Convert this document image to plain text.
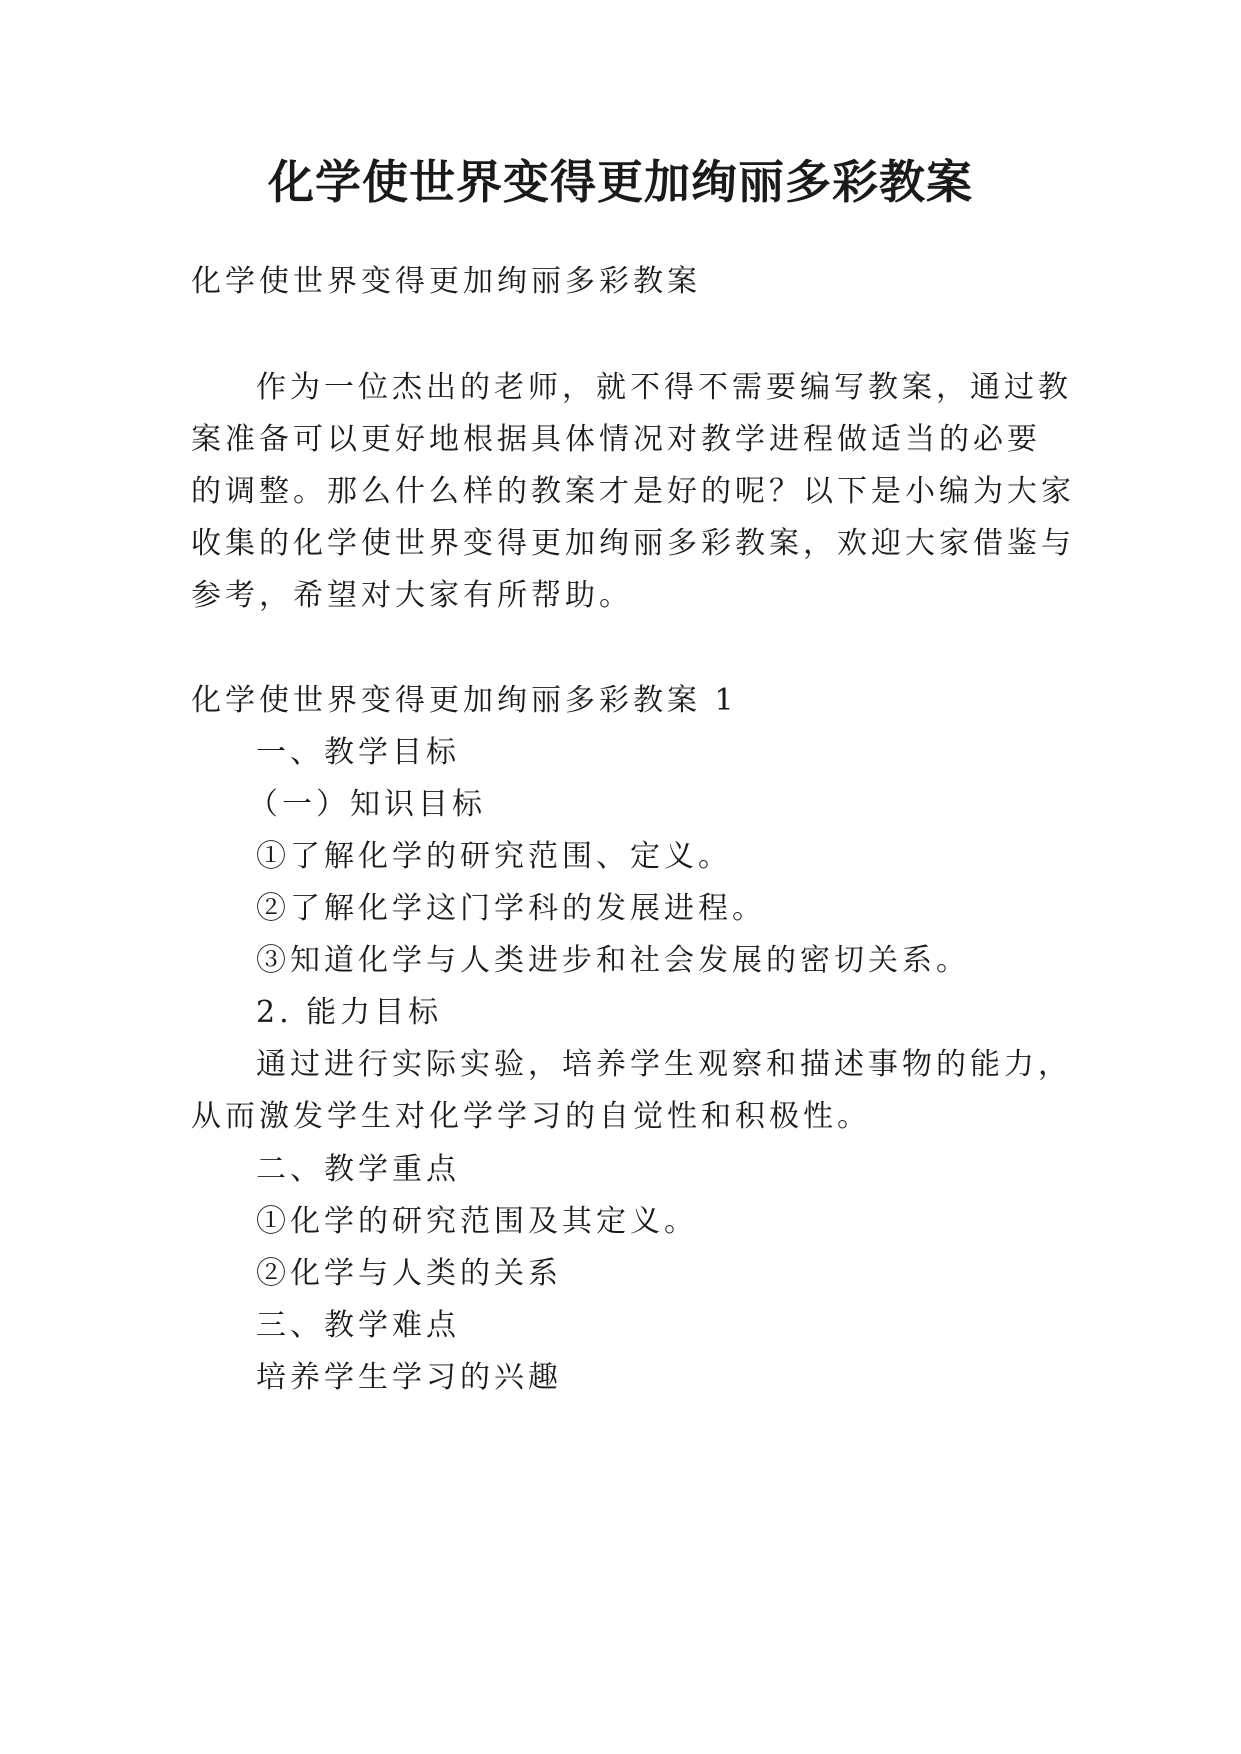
化学使世界变得更加绚丽多彩教案

化学使世界变得更加绚丽多彩教案

作为一位杰出的老师，就不得不需要编写教案，通过教

案准备可以更好地根据具体情况对教学进程做适当的必要

的调整。那么什么样的教案才是好的呢？以下是小编为大家

收集的化学使世界变得更加绚丽多彩教案，欢迎大家借鉴与

参考，希望对大家有所帮助。

化学使世界变得更加绚丽多彩教案 1

一、教学目标

（一）知识目标

①了解化学的研究范围、定义。

②了解化学这门学科的发展进程。

③知道化学与人类进步和社会发展的密切关系。

2. 能力目标

通过进行实际实验，培养学生观察和描述事物的能力，

从而激发学生对化学学习的自觉性和积极性。

二、教学重点

①化学的研究范围及其定义。

②化学与人类的关系

三、教学难点

培养学生学习的兴趣
